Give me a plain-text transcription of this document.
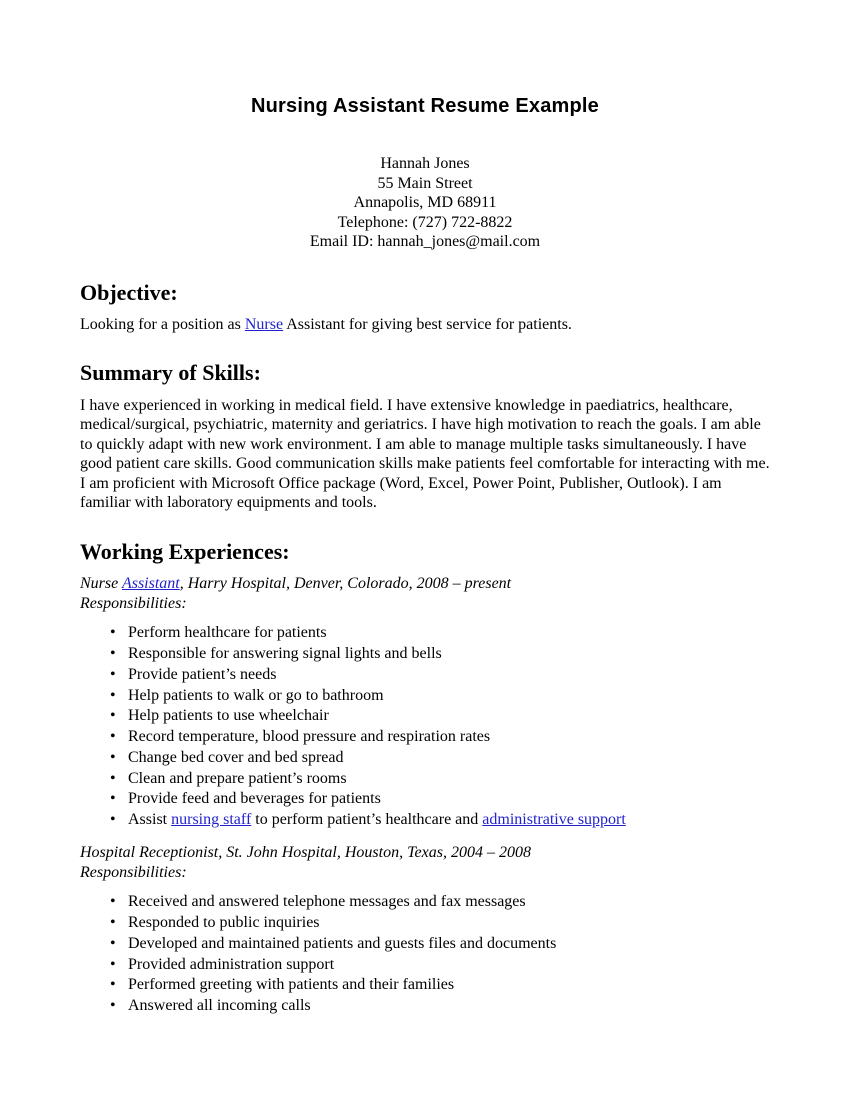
Nursing Assistant Resume Example

Hannah Jones

55 Main Street

Annapolis, MD 68911

Telephone: (727) 722-8822

Email ID: hannah_jones@mail.com

Objective:

Looking for a position as Nurse Assistant for giving best service for patients.

Summary of Skills:

I have experienced in working in medical field. I have extensive knowledge in paediatrics, healthcare, medical/surgical, psychiatric, maternity and geriatrics. I have high motivation to reach the goals. I am able to quickly adapt with new work environment. I am able to manage multiple tasks simultaneously. I have good patient care skills. Good communication skills make patients feel comfortable for interacting with me. I am proficient with Microsoft Office package (Word, Excel, Power Point, Publisher, Outlook). I am familiar with laboratory equipments and tools.

Working Experiences:

Nurse Assistant, Harry Hospital, Denver, Colorado, 2008 – present

Responsibilities:

• Perform healthcare for patients
• Responsible for answering signal lights and bells
• Provide patient’s needs
• Help patients to walk or go to bathroom
• Help patients to use wheelchair
• Record temperature, blood pressure and respiration rates
• Change bed cover and bed spread
• Clean and prepare patient’s rooms
• Provide feed and beverages for patients
• Assist nursing staff to perform patient’s healthcare and administrative support

Hospital Receptionist, St. John Hospital, Houston, Texas, 2004 – 2008

Responsibilities:

• Received and answered telephone messages and fax messages
• Responded to public inquiries
• Developed and maintained patients and guests files and documents
• Provided administration support
• Performed greeting with patients and their families
• Answered all incoming calls
